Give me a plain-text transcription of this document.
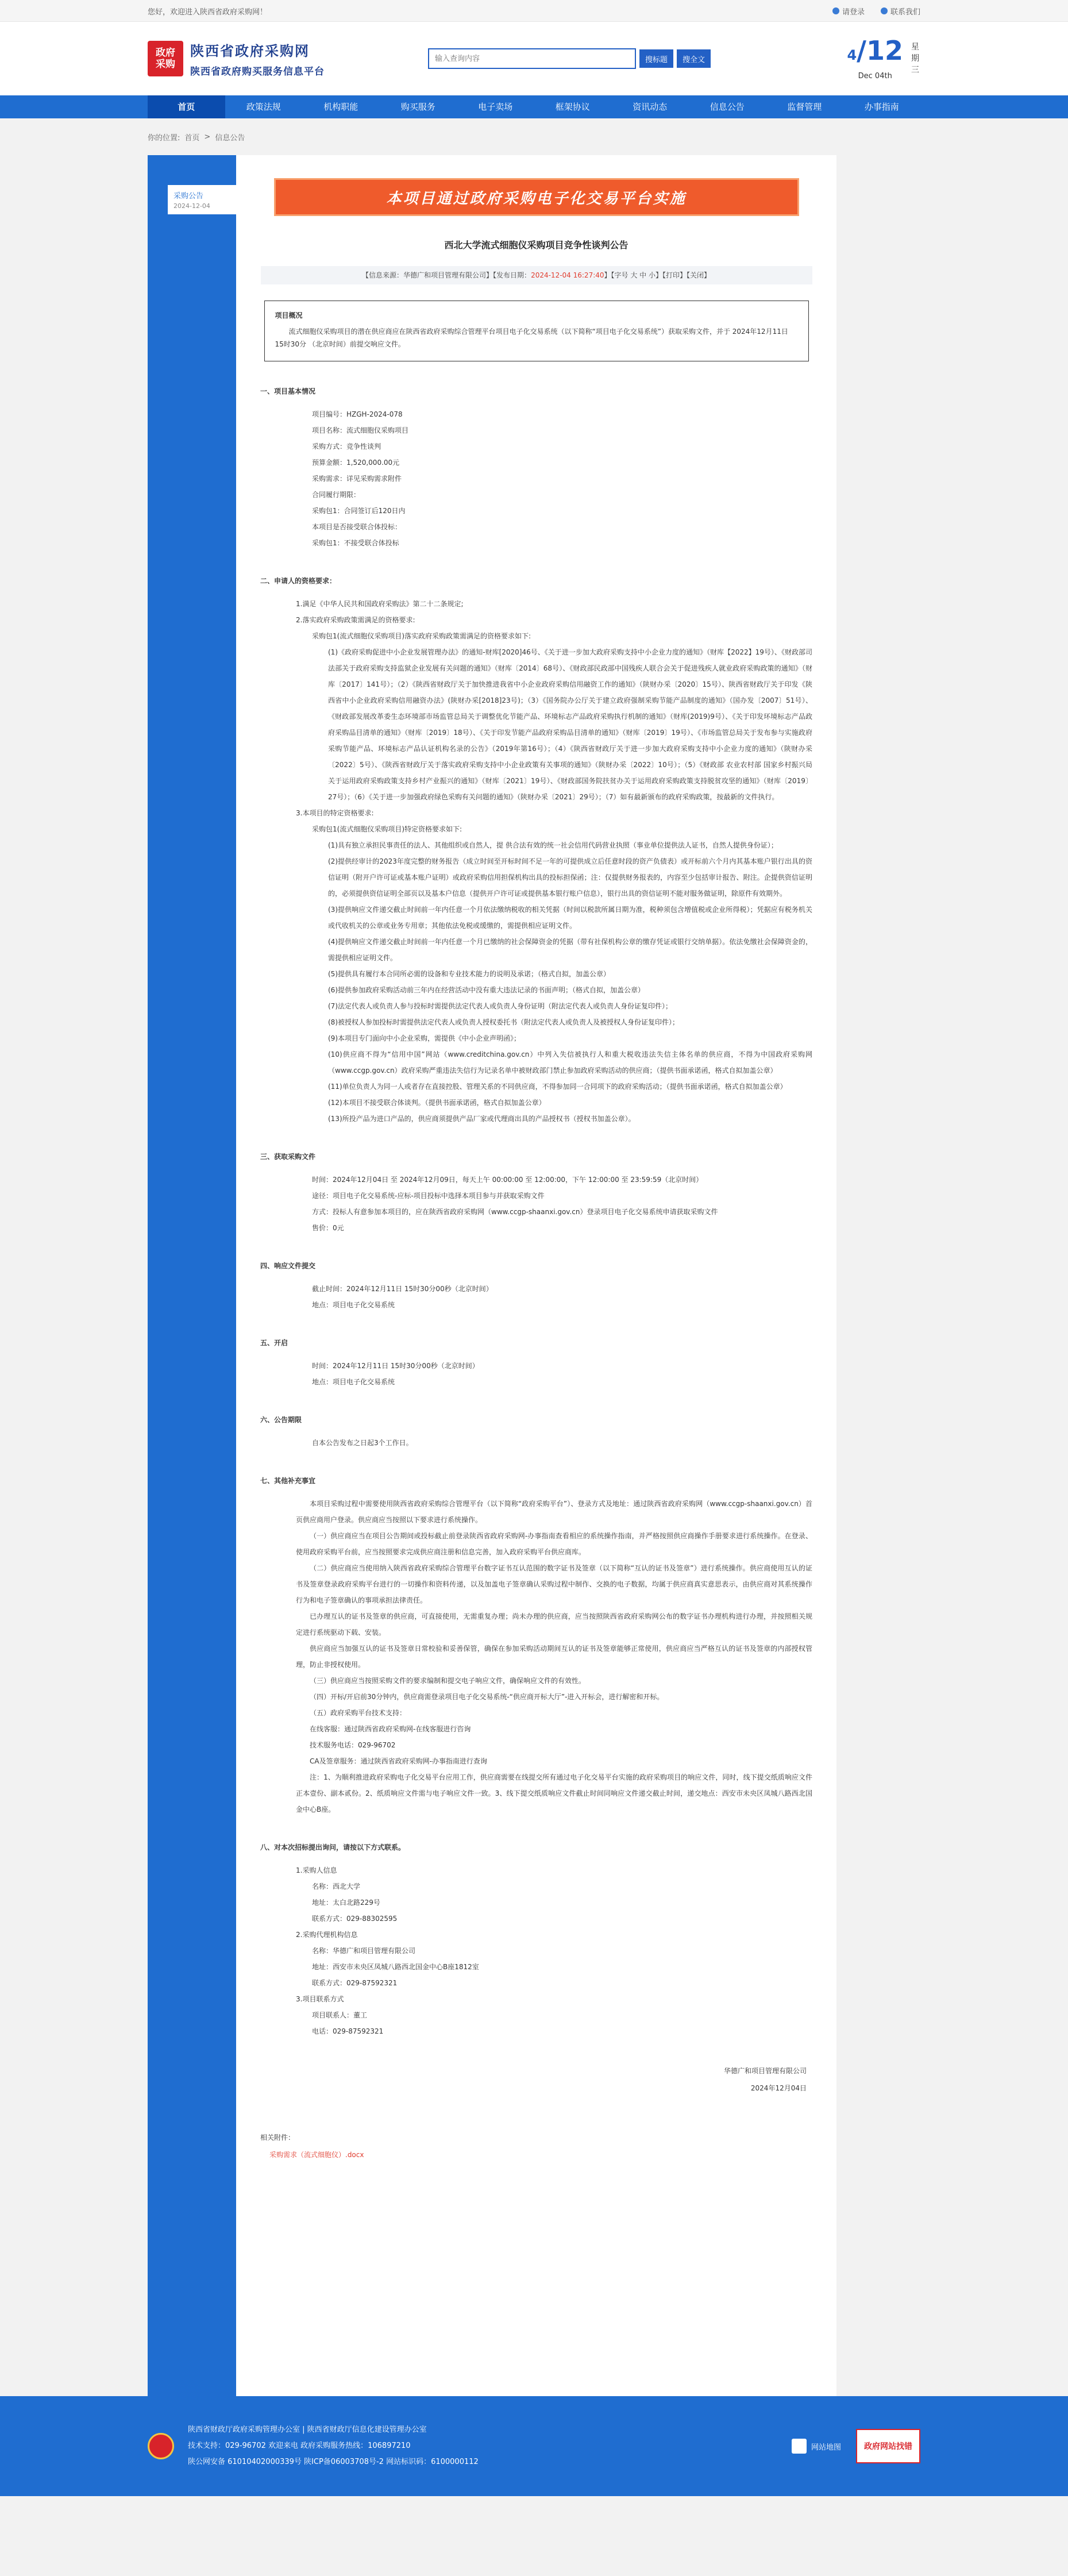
您好，欢迎进入陕西省政府采购网！	请登录	联系我们
政府
采购
陕西省政府采购网
陕西省政府购买服务信息平台
输入查询内容
搜标题	搜全文	4/12
Dec 04th
星期三
首页	政策法规	机构职能	购买服务	电子卖场	框架协议	资讯动态	信息公告	监督管理	办事指南
你的位置: 首页 > 信息公告
采购公告
2024-12-04	本项目通过政府采购电子化交易平台实施
西北大学流式细胞仪采购项目竞争性谈判公告
【信息来源：华德广和项目管理有限公司】【发布日期：2024-12-04 16:27:40】【字号 大 中 小】【打印】【关闭】
项目概况

流式细胞仪采购项目的潜在供应商应在陕西省政府采购综合管理平台项目电子化交易系统（以下简称“项目电子化交易系统”）获取采购文件，并于 2024年12月11日 15时30分 （北京时间）前提交响应文件。

一、项目基本情况
项目编号：HZGH-2024-078
项目名称：流式细胞仪采购项目
采购方式：竞争性谈判
预算金额：1,520,000.00元
采购需求：详见采购需求附件
合同履行期限：
采购包1：合同签订后120日内
本项目是否接受联合体投标：
采购包1：不接受联合体投标
二、申请人的资格要求：
1.满足《中华人民共和国政府采购法》第二十二条规定;
2.落实政府采购政策需满足的资格要求:
采购包1(流式细胞仪采购项目)落实政府采购政策需满足的资格要求如下:
(1)《政府采购促进中小企业发展管理办法》的通知-财库[2020]46号、《关于进一步加大政府采购支持中小企业力度的通知》（财库【2022】19号）、《财政部司法部关于政府采购支持监狱企业发展有关问题的通知》（财库〔2014〕68号）、《财政部民政部中国残疾人联合会关于促进残疾人就业政府采购政策的通知》（财库〔2017〕141号）；（2）《陕西省财政厅关于加快推进我省中小企业政府采购信用融资工作的通知》（陕财办采〔2020〕15号）、陕西省财政厅关于印发《陕西省中小企业政府采购信用融资办法》(陕财办采[2018]23号)；（3）《国务院办公厅关于建立政府强制采购节能产品制度的通知》（国办发〔2007〕51号）、《财政部发展改革委生态环境部市场监管总局关于调整优化节能产品、环境标志产品政府采购执行机制的通知》（财库(2019)9号）、《关于印发环境标志产品政府采购品目清单的通知》（财库〔2019〕18号）、《关于印发节能产品政府采购品目清单的通知》（财库〔2019〕19号）、《市场监管总局关于发布参与实施政府采购节能产品、环境标志产品认证机构名录的公告》（2019年第16号）；（4）《陕西省财政厅关于进一步加大政府采购支持中小企业力度的通知》（陕财办采〔2022〕5号）、《陕西省财政厅关于落实政府采购支持中小企业政策有关事项的通知》（陕财办采〔2022〕10号）；（5）《财政部 农业农村部 国家乡村振兴局关于运用政府采购政策支持乡村产业振兴的通知》（财库〔2021〕19号）、《财政部国务院扶贫办关于运用政府采购政策支持脱贫攻坚的通知》（财库〔2019〕27号）；（6）《关于进一步加强政府绿色采购有关问题的通知》（陕财办采〔2021〕29号）；（7）如有最新颁布的政府采购政策，按最新的文件执行。
3.本项目的特定资格要求:
采购包1(流式细胞仪采购项目)特定资格要求如下:
(1)具有独立承担民事责任的法人、其他组织或自然人，提 供合法有效的统一社会信用代码营业执照（事业单位提供法人证书，自然人提供身份证）；
(2)提供经审计的2023年度完整的财务报告（成立时间至开标时间不足一年的可提供成立后任意时段的资产负债表）或开标前六个月内其基本账户银行出具的资信证明（附开户许可证或基本账户证明）或政府采购信用担保机构出具的投标担保函；注：仅提供财务报表的，内容至少包括审计报告、附注。企提供资信证明的，必须提供资信证明全部页以及基本户信息（提供开户许可证或提供基本银行账户信息），银行出具的资信证明不能对服务做证明，除原件有效期外。
(3)提供响应文件递交截止时间前一年内任意一个月依法缴纳税收的相关凭据（时间以税款所属日期为准，税种须包含增值税或企业所得税）；凭据应有税务机关或代收机关的公章或业务专用章；其他依法免税或缓缴的，需提供相应证明文件。
(4)提供响应文件递交截止时间前一年内任意一个月已缴纳的社会保障资金的凭据（带有社保机构公章的缴存凭证或银行交纳单据）。依法免缴社会保障资金的，需提供相应证明文件。
(5)提供具有履行本合同所必需的设备和专业技术能力的说明及承诺；（格式自拟，加盖公章）
(6)提供参加政府采购活动前三年内在经营活动中没有重大违法记录的书面声明；（格式自拟，加盖公章）
(7)法定代表人或负责人参与投标时需提供法定代表人或负责人身份证明（附法定代表人或负责人身份证复印件）；
(8)被授权人参加投标时需提供法定代表人或负责人授权委托书（附法定代表人或负责人及被授权人身份证复印件）；
(9)本项目专门面向中小企业采购，需提供《中小企业声明函》；
(10)供应商不得为“信用中国”网站（www.creditchina.gov.cn）中列入失信被执行人和重大税收违法失信主体名单的供应商，不得为中国政府采购网（www.ccgp.gov.cn）政府采购严重违法失信行为记录名单中被财政部门禁止参加政府采购活动的供应商；（提供书面承诺函，格式自拟加盖公章）
(11)单位负责人为同一人或者存在直接控股、管理关系的不同供应商，不得参加同一合同项下的政府采购活动；（提供书面承诺函，格式自拟加盖公章）
(12)本项目不接受联合体谈判。（提供书面承诺函，格式自拟加盖公章）
(13)所投产品为进口产品的，供应商须提供产品厂家或代理商出具的产品授权书（授权书加盖公章）。
三、获取采购文件
时间：2024年12月04日 至 2024年12月09日，每天上午 00:00:00 至 12:00:00，下午 12:00:00 至 23:59:59（北京时间）
途径：项目电子化交易系统-应标-项目投标中选择本项目参与并获取采购文件
方式：投标人有意参加本项目的，应在陕西省政府采购网（www.ccgp-shaanxi.gov.cn）登录项目电子化交易系统申请获取采购文件
售价：0元
四、响应文件提交
截止时间：2024年12月11日 15时30分00秒（北京时间）
地点：项目电子化交易系统
五、开启
时间：2024年12月11日 15时30分00秒（北京时间）
地点：项目电子化交易系统
六、公告期限
自本公告发布之日起3个工作日。
七、其他补充事宜
本项目采购过程中需要使用陕西省政府采购综合管理平台（以下简称“政府采购平台”）、登录方式及地址：通过陕西省政府采购网（www.ccgp-shaanxi.gov.cn）首页供应商用户登录。供应商应当按照以下要求进行系统操作。
（一）供应商应当在项目公告期间或投标截止前登录陕西省政府采购网-办事指南查看相应的系统操作指南，并严格按照供应商操作手册要求进行系统操作。在登录、使用政府采购平台前，应当按照要求完成供应商注册和信息完善，加入政府采购平台供应商库。
（二）供应商应当使用纳入陕西省政府采购综合管理平台数字证书互认范围的数字证书及签章（以下简称“互认的证书及签章”）进行系统操作。供应商使用互认的证书及签章登录政府采购平台进行的一切操作和资料传递，以及加盖电子签章确认采购过程中制作、交换的电子数据，均属于供应商真实意思表示，由供应商对其系统操作行为和电子签章确认的事项承担法律责任。
已办理互认的证书及签章的供应商，可直接使用，无需重复办理；尚未办理的供应商，应当按照陕西省政府采购网公布的数字证书办理机构进行办理，并按照相关规定进行系统驱动下载、安装。
供应商应当加强互认的证书及签章日常校验和妥善保管，确保在参加采购活动期间互认的证书及签章能够正常使用，供应商应当严格互认的证书及签章的内部授权管理，防止非授权使用。
（三）供应商应当按照采购文件的要求编制和提交电子响应文件，确保响应文件的有效性。
（四）开标/开启前30分钟内，供应商需登录项目电子化交易系统-“供应商开标大厅”-进入开标会，进行解密和开标。
（五）政府采购平台技术支持：
在线客服：通过陕西省政府采购网-在线客服进行咨询
技术服务电话：029-96702
CA及签章服务：通过陕西省政府采购网-办事指南进行查询
注：1、为顺利推进政府采购电子化交易平台应用工作，供应商需要在线提交所有通过电子化交易平台实施的政府采购项目的响应文件，同时，线下提交纸质响应文件正本壹份、副本贰份。2、纸质响应文件需与电子响应文件一致。3、线下提交纸质响应文件截止时间同响应文件递交截止时间，递交地点：西安市未央区凤城八路西北国金中心B座。
八、对本次招标提出询问，请按以下方式联系。
1.采购人信息
名称：西北大学
地址：太白北路229号
联系方式：029-88302595
2.采购代理机构信息
名称：华德广和项目管理有限公司
地址：西安市未央区凤城八路西北国金中心B座1812室
联系方式：029-87592321
3.项目联系方式
项目联系人：董工
电话：029-87592321
华德广和项目管理有限公司
2024年12月04日
相关附件：
采购需求（流式细胞仪）.docx
陕西省财政厅政府采购管理办公室 | 陕西省财政厅信息化建设管理办公室
技术支持：029-96702 欢迎来电 政府采购服务热线：106897210
陕公网安备 61010402000339号 陕ICP备06003708号-2 网站标识码：6100000112
网站地图	政府网站找错
